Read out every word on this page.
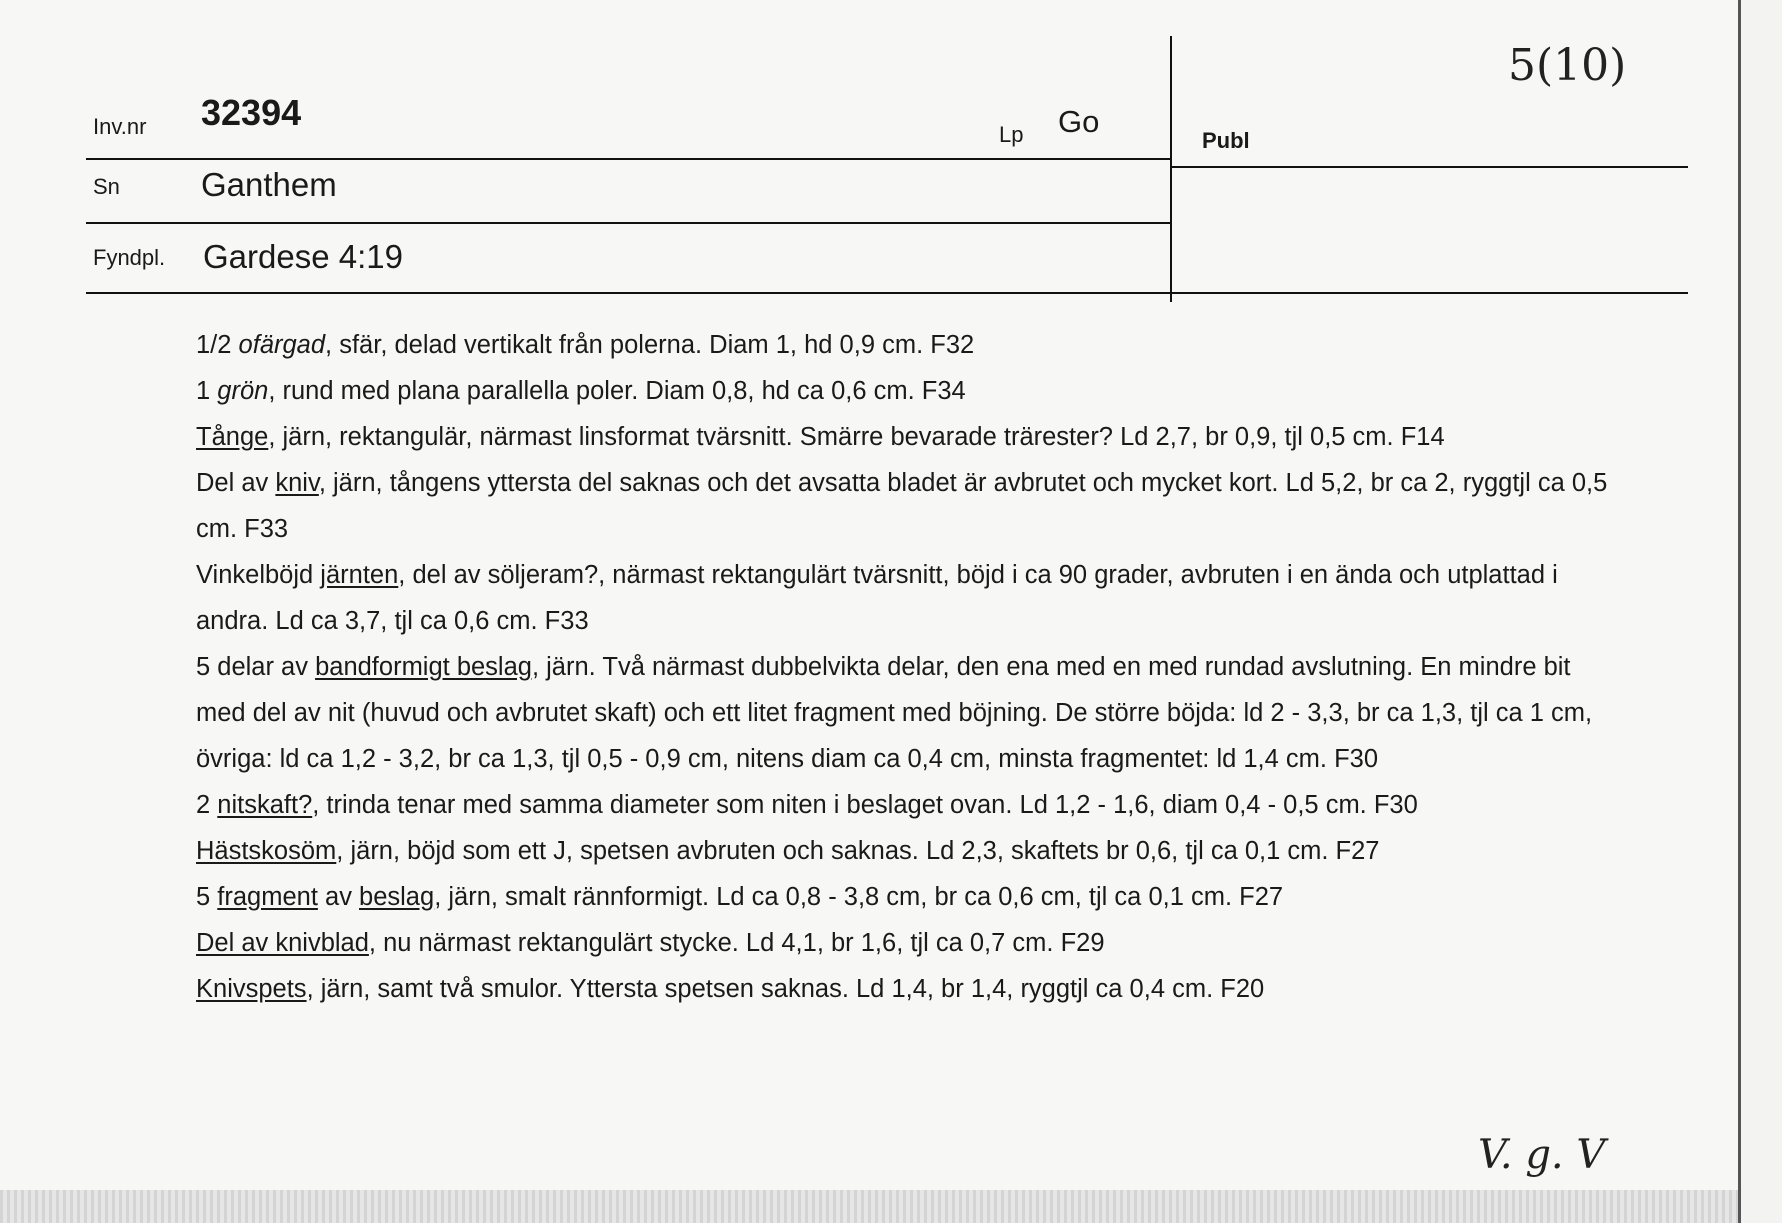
Inv.nr 32394
Lp Go
Publ
5(10)
Sn Ganthem
Fyndpl. Gardese 4:19

1/2 ofärgad, sfär, delad vertikalt från polerna. Diam 1, hd 0,9 cm. F32

1 grön, rund med plana parallella poler. Diam 0,8, hd ca 0,6 cm. F34

Tånge, järn, rektangulär, närmast linsformat tvärsnitt. Smärre bevarade trärester? Ld 2,7, br 0,9, tjl 0,5 cm. F14

Del av kniv, järn, tångens yttersta del saknas och det avsatta bladet är avbrutet och mycket kort. Ld 5,2, br ca 2, ryggtjl ca 0,5 cm. F33

Vinkelböjd järnten, del av söljeram?, närmast rektangulärt tvärsnitt, böjd i ca 90 grader, avbruten i en ända och utplattad i andra. Ld ca 3,7, tjl ca 0,6 cm. F33

5 delar av bandformigt beslag, järn. Två närmast dubbelvikta delar, den ena med en med rundad avslutning. En mindre bit med del av nit (huvud och avbrutet skaft) och ett litet fragment med böjning. De större böjda: ld 2 - 3,3, br ca 1,3, tjl ca 1 cm, övriga: ld ca 1,2 - 3,2, br ca 1,3, tjl 0,5 - 0,9 cm, nitens diam ca 0,4 cm, minsta fragmentet: ld 1,4 cm. F30

2 nitskaft?, trinda tenar med samma diameter som niten i beslaget ovan. Ld 1,2 - 1,6, diam 0,4 - 0,5 cm. F30

Hästskosöm, järn, böjd som ett J, spetsen avbruten och saknas. Ld 2,3, skaftets br 0,6, tjl ca 0,1 cm. F27

5 fragment av beslag, järn, smalt rännformigt. Ld ca 0,8 - 3,8 cm, br ca 0,6 cm, tjl ca 0,1 cm. F27

Del av knivblad, nu närmast rektangulärt stycke. Ld 4,1, br 1,6, tjl ca 0,7 cm. F29

Knivspets, järn, samt två smulor. Yttersta spetsen saknas. Ld 1,4, br 1,4, ryggtjl ca 0,4 cm. F20

V. g. V
